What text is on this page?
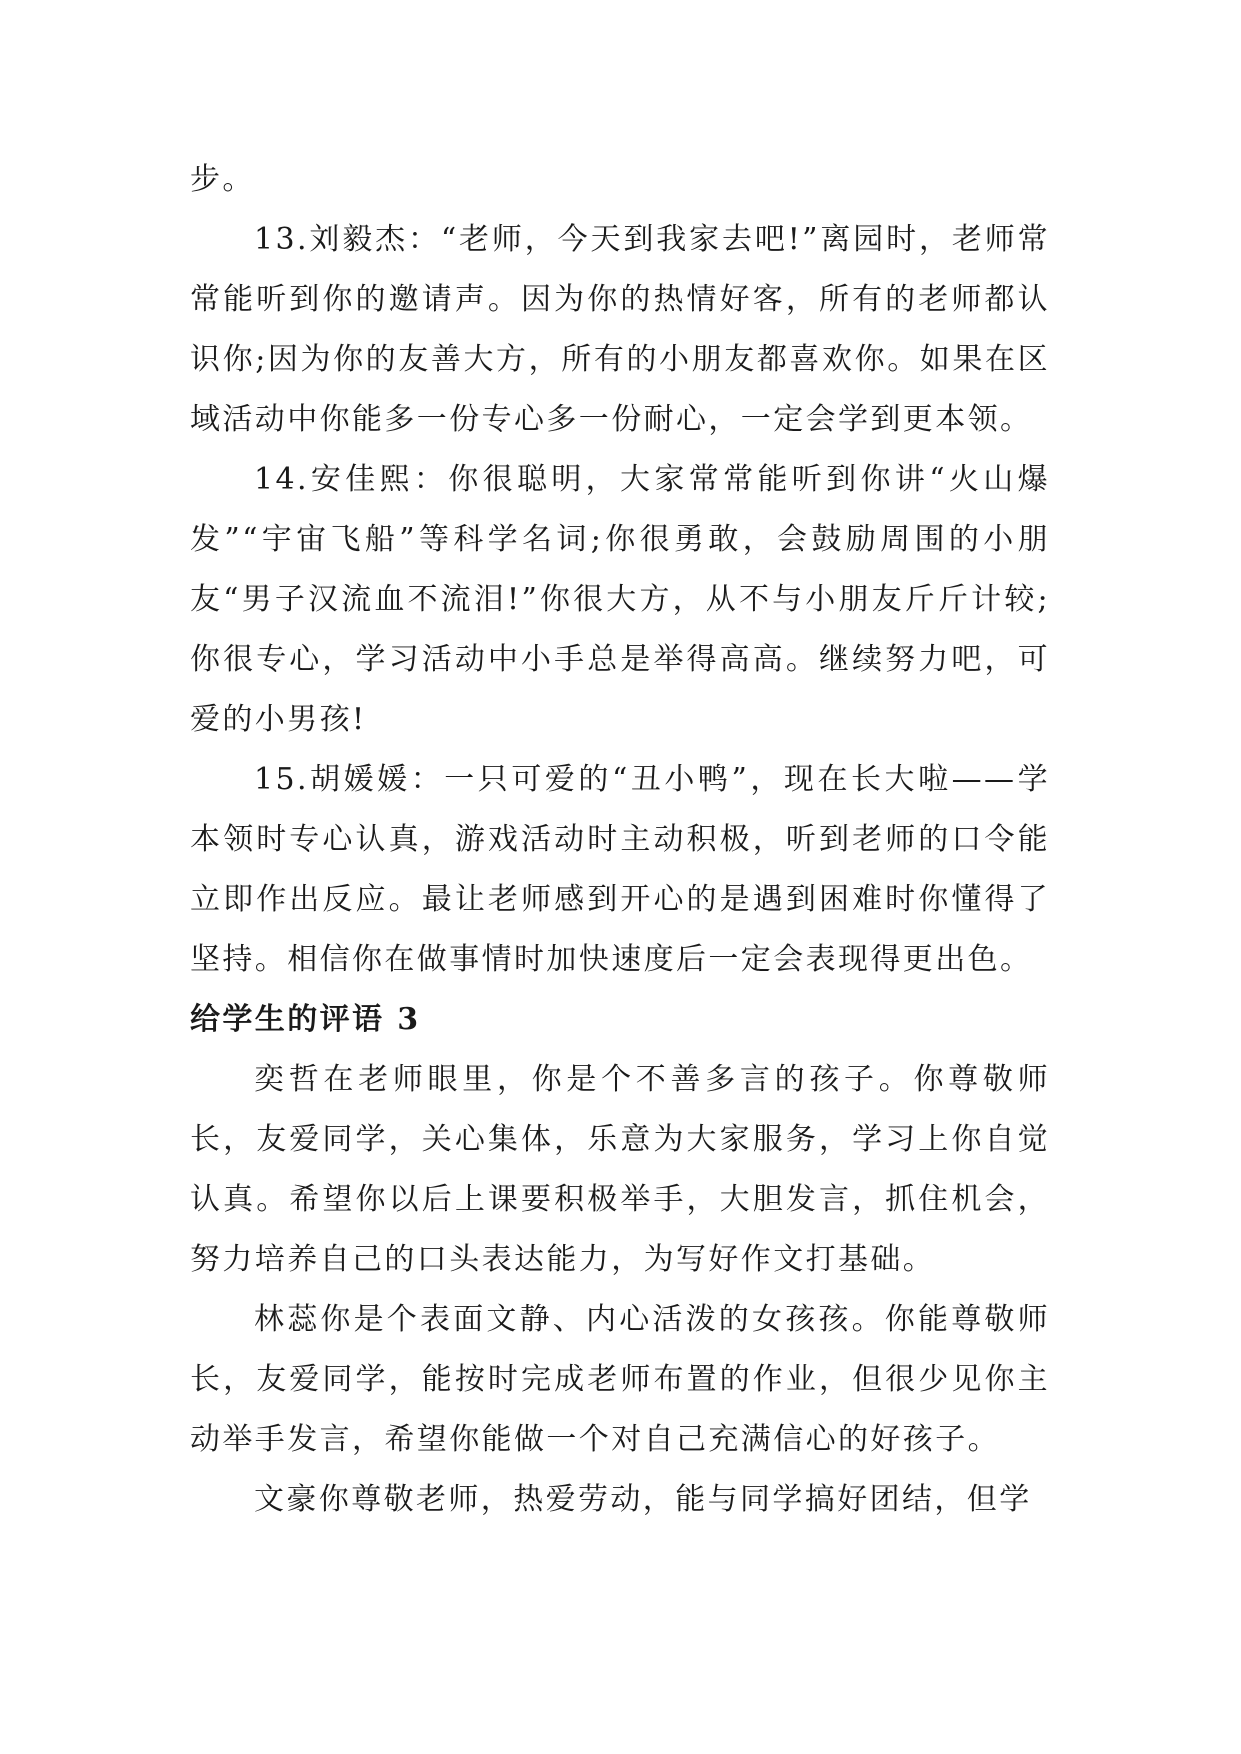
步。

13.刘毅杰：“老师，今天到我家去吧!”离园时，老师常常能听到你的邀请声。因为你的热情好客，所有的老师都认识你;因为你的友善大方，所有的小朋友都喜欢你。如果在区域活动中你能多一份专心多一份耐心，一定会学到更本领。

14.安佳熙：你很聪明，大家常常能听到你讲“火山爆发”“宇宙飞船”等科学名词;你很勇敢，会鼓励周围的小朋友“男子汉流血不流泪!”你很大方，从不与小朋友斤斤计较;你很专心，学习活动中小手总是举得高高。继续努力吧，可爱的小男孩!

15.胡媛媛：一只可爱的“丑小鸭”，现在长大啦——学本领时专心认真，游戏活动时主动积极，听到老师的口令能立即作出反应。最让老师感到开心的是遇到困难时你懂得了坚持。相信你在做事情时加快速度后一定会表现得更出色。

给学生的评语 3

奕哲在老师眼里，你是个不善多言的孩子。你尊敬师长，友爱同学，关心集体，乐意为大家服务，学习上你自觉认真。希望你以后上课要积极举手，大胆发言，抓住机会，努力培养自己的口头表达能力，为写好作文打基础。

林蕊你是个表面文静、内心活泼的女孩孩。你能尊敬师长，友爱同学，能按时完成老师布置的作业，但很少见你主动举手发言，希望你能做一个对自己充满信心的好孩子。

文豪你尊敬老师，热爱劳动，能与同学搞好团结，但学
